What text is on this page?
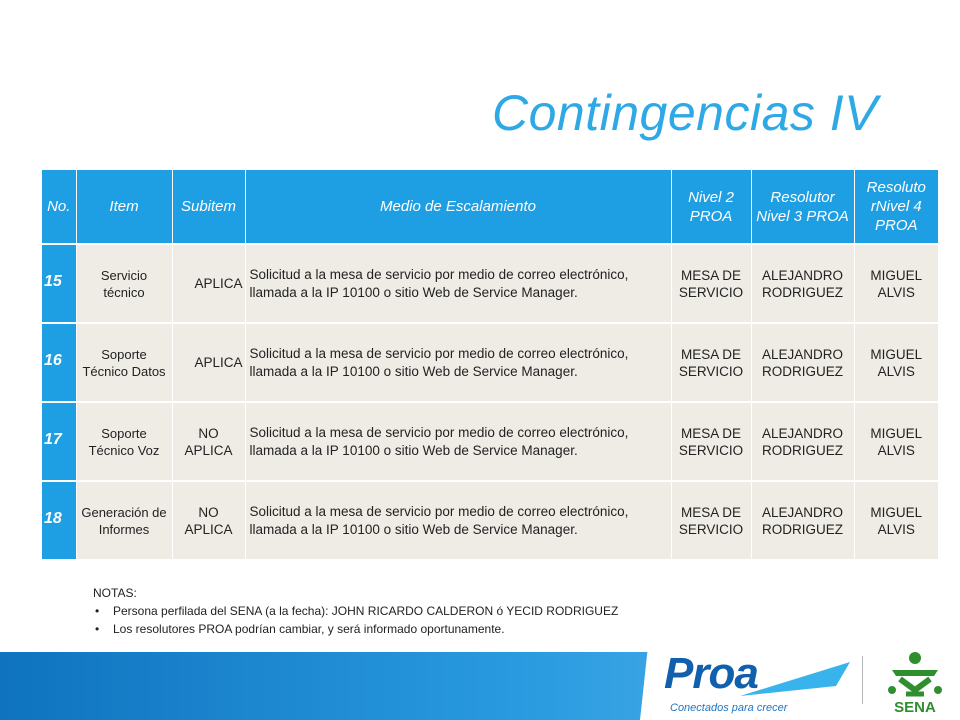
Contingencias IV
No.	Item	Subitem	Medio de Escalamiento	Nivel 2 PROA	Resolutor Nivel 3 PROA	Resoluto rNivel 4 PROA
15	Servicio técnico	APLICA	Solicitud a la mesa de servicio por medio de correo electrónico, llamada a la IP 10100 o sitio Web de Service Manager.	MESA DE SERVICIO	ALEJANDRO RODRIGUEZ	MIGUEL ALVIS
16	Soporte Técnico Datos	APLICA	Solicitud a la mesa de servicio por medio de correo electrónico, llamada a la IP 10100 o sitio Web de Service Manager.	MESA DE SERVICIO	ALEJANDRO RODRIGUEZ	MIGUEL ALVIS
17	Soporte Técnico Voz	NO APLICA	Solicitud a la mesa de servicio por medio de correo electrónico, llamada a la IP 10100 o sitio Web de Service Manager.	MESA DE SERVICIO	ALEJANDRO RODRIGUEZ	MIGUEL ALVIS
18	Generación de Informes	NO APLICA	Solicitud a la mesa de servicio por medio de correo electrónico, llamada a la IP 10100 o sitio Web de Service Manager.	MESA DE SERVICIO	ALEJANDRO RODRIGUEZ	MIGUEL ALVIS
NOTAS:
• Persona perfilada del SENA (a la fecha): JOHN RICARDO CALDERON ó YECID RODRIGUEZ
• Los resolutores PROA podrían cambiar, y será informado oportunamente.
Proa
Conectados para crecer	SENA
